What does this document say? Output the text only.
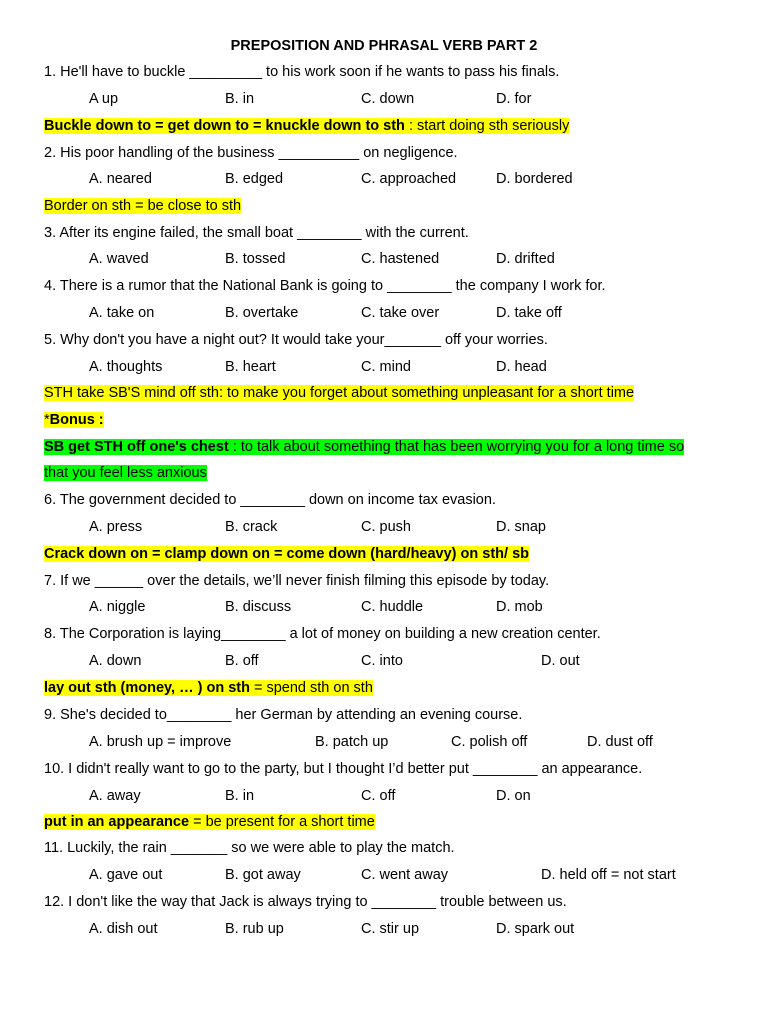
PREPOSITION AND PHRASAL VERB PART 2
1. He'll have to buckle _________ to his work soon if he wants to pass his finals.
A up	B. in	C. down	D. for
Buckle down to = get down to = knuckle down to sth : start doing sth seriously
2. His poor handling of the business __________ on negligence.
A. neared	B. edged	C. approached	D. bordered
Border on sth = be close to sth
3. After its engine failed, the small boat ________ with the current.
A. waved	B. tossed	C. hastened	D. drifted
4. There is a rumor that the National Bank is going to ________ the company I work for.
A. take on	B. overtake	C. take over	D. take off
5. Why don't you have a night out? It would take your_______ off your worries.
A. thoughts	B. heart	C. mind	D. head
STH take SB'S mind off sth: to make you forget about something unpleasant for a short time
*Bonus :
SB get STH off one's chest : to talk about something that has been worrying you for a long time so
that you feel less anxious
6. The government decided to ________ down on income tax evasion.
A. press	B. crack	C. push	D. snap
Crack down on = clamp down on = come down (hard/heavy) on sth/ sb
7. If we ______ over the details, we’ll never finish filming this episode by today.
A. niggle	B. discuss	C. huddle	D. mob
8. The Corporation is laying________ a lot of money on building a new creation center.
A. down	B. off	C. into	D. out
lay out sth (money, … ) on sth = spend sth on sth
9. She's decided to________ her German by attending an evening course.
A. brush up = improve	B. patch up	C. polish off	D. dust off
10. I didn't really want to go to the party, but I thought I’d better put ________ an appearance.
A. away	B. in	C. off	D. on
put in an appearance = be present for a short time
11. Luckily, the rain _______ so we were able to play the match.
A. gave out	B. got away	C. went away	D. held off = not start
12. I don't like the way that Jack is always trying to ________ trouble between us.
A. dish out	B. rub up	C. stir up	D. spark out
